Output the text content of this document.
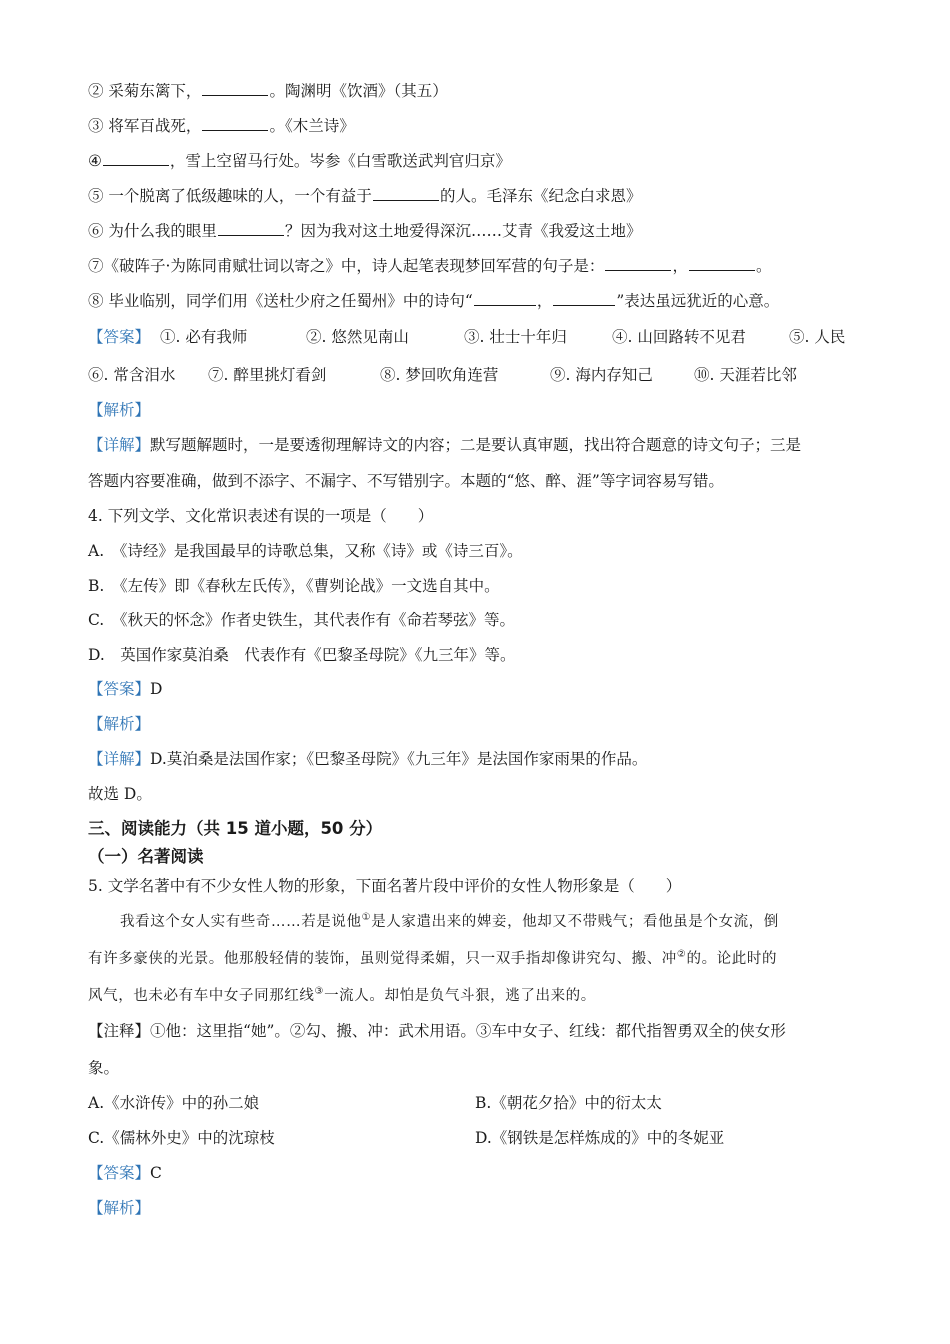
② 采菊东篱下，	。陶渊明《饮酒》（其五）
③ 将军百战死，	。《木兰诗》
④	，雪上空留马行处。岑参《白雪歌送武判官归京》
⑤ 一个脱离了低级趣味的人，一个有益于	的人。毛泽东《纪念白求恩》
⑥ 为什么我的眼里	？因为我对这土地爱得深沉……艾青《我爱这土地》
⑦《破阵子·为陈同甫赋壮词以寄之》中，诗人起笔表现梦回军营的句子是：	，	。
⑧ 毕业临别，同学们用《送杜少府之任蜀州》中的诗句“	，	”表达虽远犹近的心意。
【答案】 ①. 必有我师	②. 悠然见南山	③. 壮士十年归	④. 山回路转不见君	⑤. 人民
⑥. 常含泪水 ⑦. 醉里挑灯看剑	⑧. 梦回吹角连营	⑨. 海内存知己	⑩. 天涯若比邻
【解析】
【详解】默写题解题时，一是要透彻理解诗文的内容；二是要认真审题，找出符合题意的诗文句子；三是
答题内容要准确，做到不添字、不漏字、不写错别字。本题的“悠、醉、涯”等字词容易写错。
4. 下列文学、文化常识表述有误的一项是（　　）
A.　《诗经》是我国最早的诗歌总集，又称《诗》或《诗三百》。
B.　《左传》即《春秋左氏传》，《曹刿论战》一文选自其中。
C.　《秋天的怀念》作者史铁生，其代表作有《命若琴弦》等。
D.　英国作家莫泊桑　代表作有《巴黎圣母院》《九三年》等。
【答案】D
【解析】
【详解】D.莫泊桑是法国作家；《巴黎圣母院》《九三年》是法国作家雨果的作品。
故选 D。
三、阅读能力（共 15 道小题，50 分）
（一）名著阅读
5. 文学名著中有不少女性人物的形象，下面名著片段中评价的女性人物形象是（　　）
我看这个女人实有些奇……若是说他①是人家遣出来的婢妾，他却又不带贱气；看他虽是个女流，倒
有许多豪侠的光景。他那般轻倩的装饰，虽则觉得柔媚，只一双手指却像讲究勾、搬、冲②的。论此时的
风气，也未必有车中女子同那红线③一流人。却怕是负气斗狠，逃了出来的。
【注释】①他：这里指“她”。②勾、搬、冲：武术用语。③车中女子、红线：都代指智勇双全的侠女形
象。
A.《水浒传》中的孙二娘	B.《朝花夕拾》中的衍太太
C.《儒林外史》中的沈琼枝	D.《钢铁是怎样炼成的》中的冬妮亚
【答案】C
【解析】
